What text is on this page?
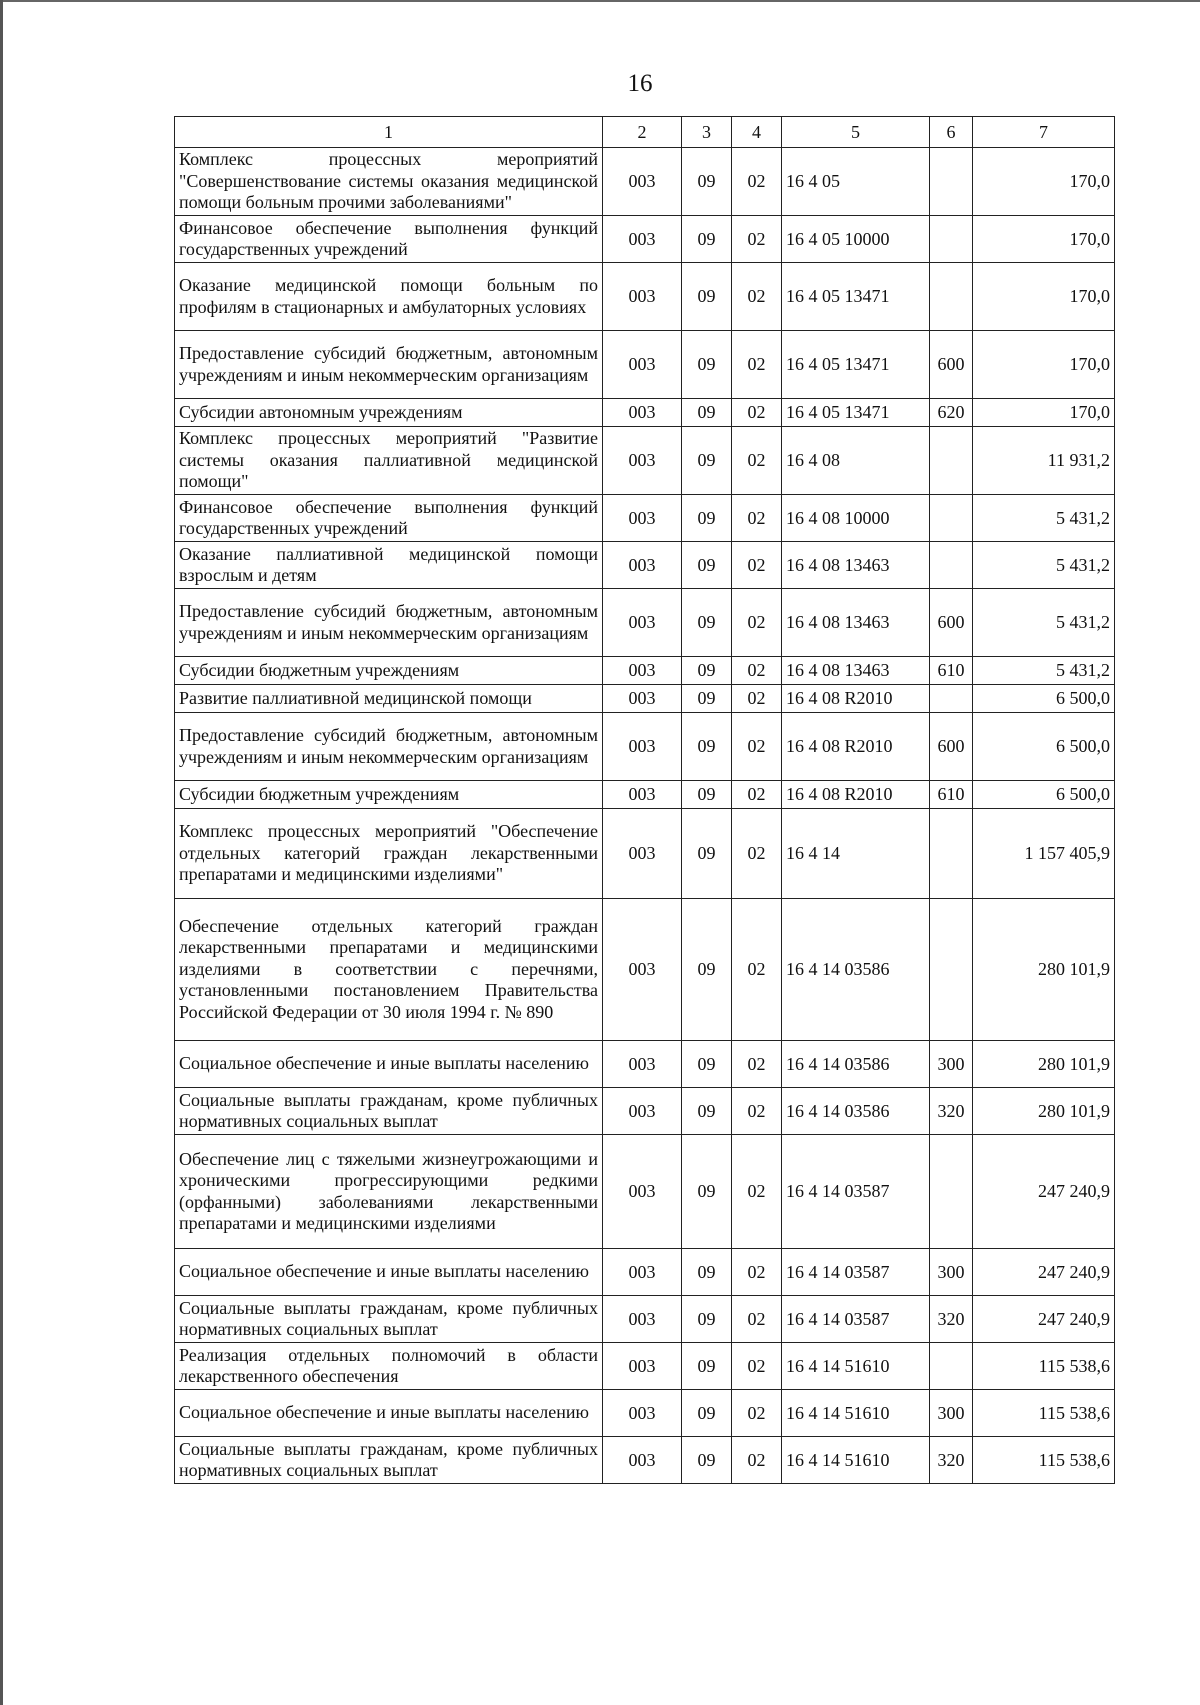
16
1	2	3	4	5	6	7
Комплекс процессных мероприятий "Совершенствование системы оказания медицинской помощи больным прочими заболеваниями"	003	09	02	16 4 05		170,0
Финансовое обеспечение выполнения функций государственных учреждений	003	09	02	16 4 05 10000		170,0
Оказание медицинской помощи больным по профилям в стационарных и амбулаторных условиях	003	09	02	16 4 05 13471		170,0
Предоставление субсидий бюджетным, автономным учреждениям и иным некоммерческим организациям	003	09	02	16 4 05 13471	600	170,0
Субсидии автономным учреждениям	003	09	02	16 4 05 13471	620	170,0
Комплекс процессных мероприятий "Развитие системы оказания паллиативной медицинской помощи"	003	09	02	16 4 08		11 931,2
Финансовое обеспечение выполнения функций государственных учреждений	003	09	02	16 4 08 10000		5 431,2
Оказание паллиативной медицинской помощи взрослым и детям	003	09	02	16 4 08 13463		5 431,2
Предоставление субсидий бюджетным, автономным учреждениям и иным некоммерческим организациям	003	09	02	16 4 08 13463	600	5 431,2
Субсидии бюджетным учреждениям	003	09	02	16 4 08 13463	610	5 431,2
Развитие паллиативной медицинской помощи	003	09	02	16 4 08 R2010		6 500,0
Предоставление субсидий бюджетным, автономным учреждениям и иным некоммерческим организациям	003	09	02	16 4 08 R2010	600	6 500,0
Субсидии бюджетным учреждениям	003	09	02	16 4 08 R2010	610	6 500,0
Комплекс процессных мероприятий "Обеспечение отдельных категорий граждан лекарственными препаратами и медицинскими изделиями"	003	09	02	16 4 14		1 157 405,9
Обеспечение отдельных категорий граждан лекарственными препаратами и медицинскими изделиями в соответствии с перечнями, установленными постановлением Правительства Российской Федерации от 30 июля 1994 г. № 890	003	09	02	16 4 14 03586		280 101,9
Социальное обеспечение и иные выплаты населению	003	09	02	16 4 14 03586	300	280 101,9
Социальные выплаты гражданам, кроме публичных нормативных социальных выплат	003	09	02	16 4 14 03586	320	280 101,9
Обеспечение лиц с тяжелыми жизнеугрожающими и хроническими прогрессирующими редкими (орфанными) заболеваниями лекарственными препаратами и медицинскими изделиями	003	09	02	16 4 14 03587		247 240,9
Социальное обеспечение и иные выплаты населению	003	09	02	16 4 14 03587	300	247 240,9
Социальные выплаты гражданам, кроме публичных нормативных социальных выплат	003	09	02	16 4 14 03587	320	247 240,9
Реализация отдельных полномочий в области лекарственного обеспечения	003	09	02	16 4 14 51610		115 538,6
Социальное обеспечение и иные выплаты населению	003	09	02	16 4 14 51610	300	115 538,6
Социальные выплаты гражданам, кроме публичных нормативных социальных выплат	003	09	02	16 4 14 51610	320	115 538,6
